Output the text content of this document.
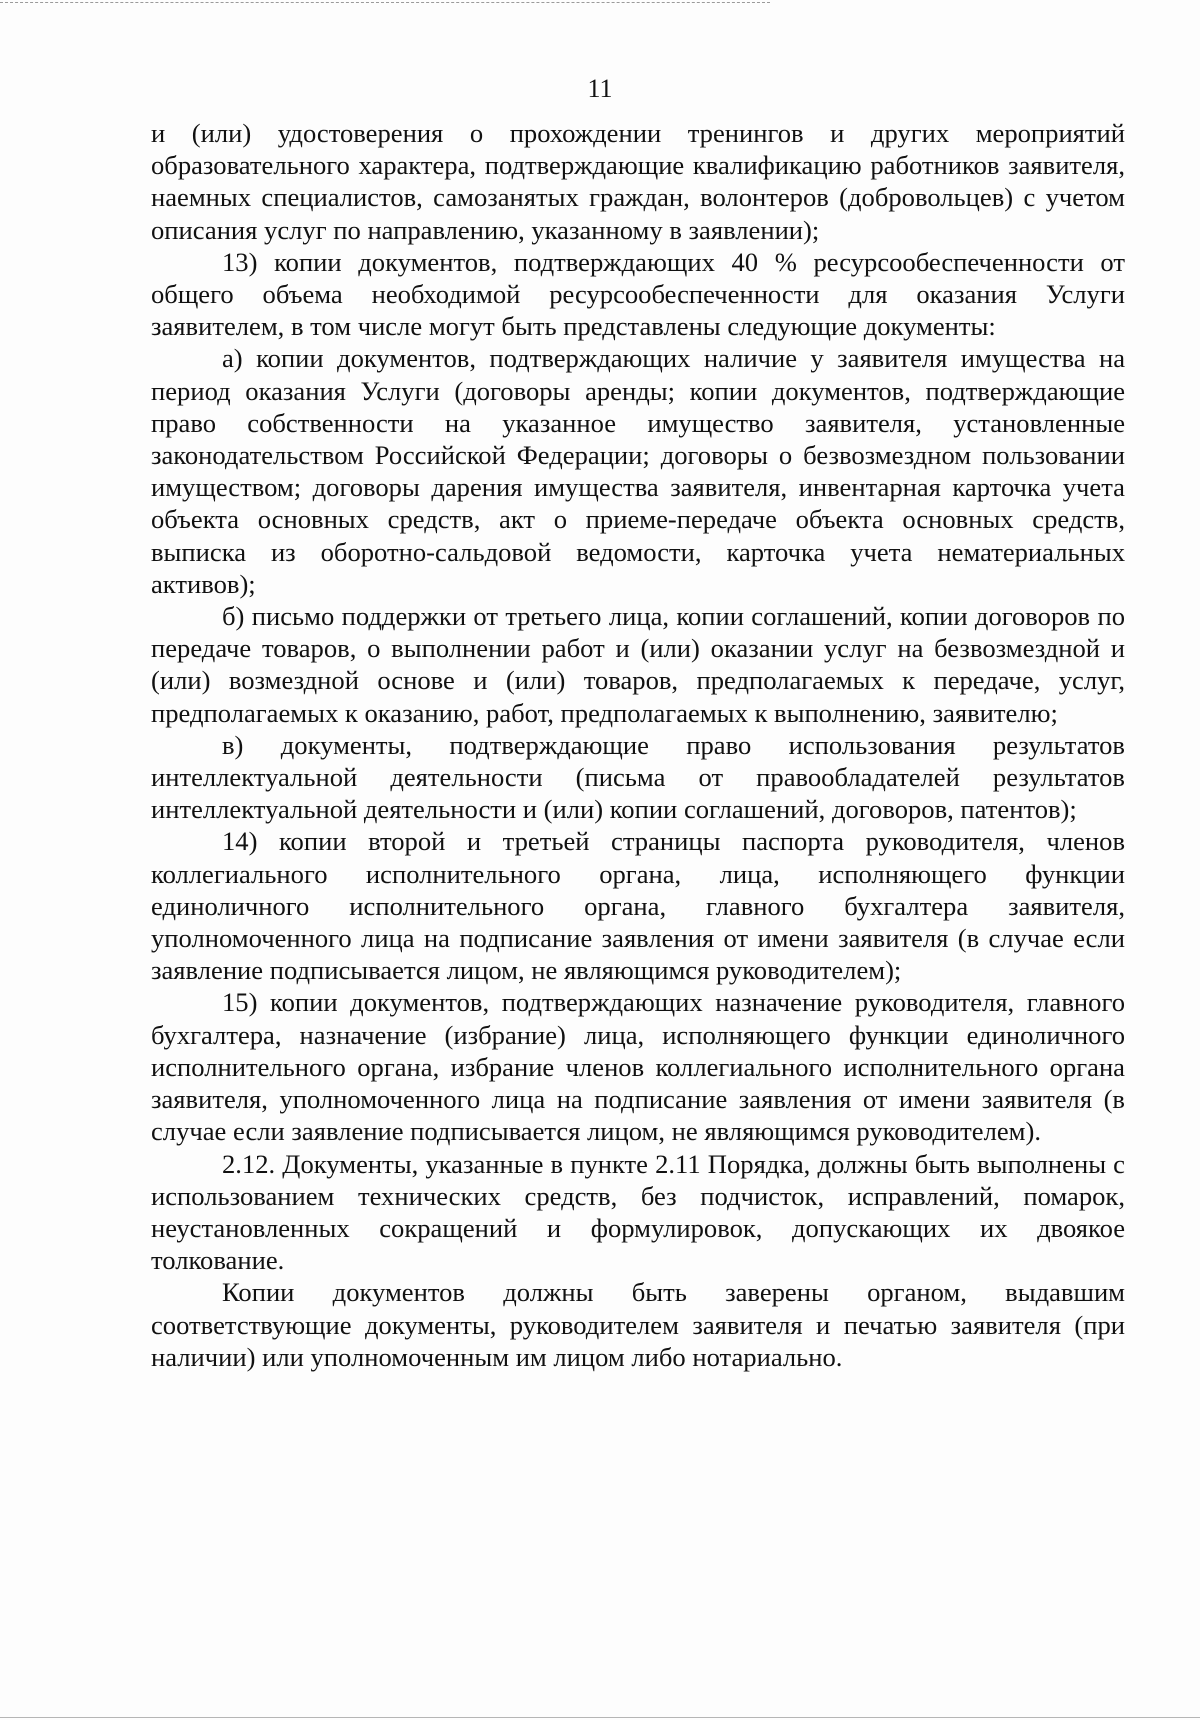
11

и (или) удостоверения о прохождении тренингов и других мероприятий образовательного характера, подтверждающие квалификацию работников заявителя, наемных специалистов, самозанятых граждан, волонтеров (добровольцев) с учетом описания услуг по направлению, указанному в заявлении);

13) копии документов, подтверждающих 40 % ресурсообеспеченности от общего объема необходимой ресурсообеспеченности для оказания Услуги заявителем, в том числе могут быть представлены следующие документы:

а) копии документов, подтверждающих наличие у заявителя имущества на период оказания Услуги (договоры аренды; копии документов, подтверждающие право собственности на указанное имущество заявителя, установленные законодательством Российской Федерации; договоры о безвозмездном пользовании имуществом; договоры дарения имущества заявителя, инвентарная карточка учета объекта основных средств, акт о приеме-передаче объекта основных средств, выписка из оборотно-сальдовой ведомости, карточка учета нематериальных активов);

б) письмо поддержки от третьего лица, копии соглашений, копии договоров по передаче товаров, о выполнении работ и (или) оказании услуг на безвозмездной и (или) возмездной основе и (или) товаров, предполагаемых к передаче, услуг, предполагаемых к оказанию, работ, предполагаемых к выполнению, заявителю;

в) документы, подтверждающие право использования результатов интеллектуальной деятельности (письма от правообладателей результатов интеллектуальной деятельности и (или) копии соглашений, договоров, патентов);

14) копии второй и третьей страницы паспорта руководителя, членов коллегиального исполнительного органа, лица, исполняющего функции единоличного исполнительного органа, главного бухгалтера заявителя, уполномоченного лица на подписание заявления от имени заявителя (в случае если заявление подписывается лицом, не являющимся руководителем);

15) копии документов, подтверждающих назначение руководителя, главного бухгалтера, назначение (избрание) лица, исполняющего функции единоличного исполнительного органа, избрание членов коллегиального исполнительного органа заявителя, уполномоченного лица на подписание заявления от имени заявителя (в случае если заявление подписывается лицом, не являющимся руководителем).

2.12. Документы, указанные в пункте 2.11 Порядка, должны быть выполнены с использованием технических средств, без подчисток, исправлений, помарок, неустановленных сокращений и формулировок, допускающих их двоякое толкование.

Копии документов должны быть заверены органом, выдавшим соответствующие документы, руководителем заявителя и печатью заявителя (при наличии) или уполномоченным им лицом либо нотариально.
